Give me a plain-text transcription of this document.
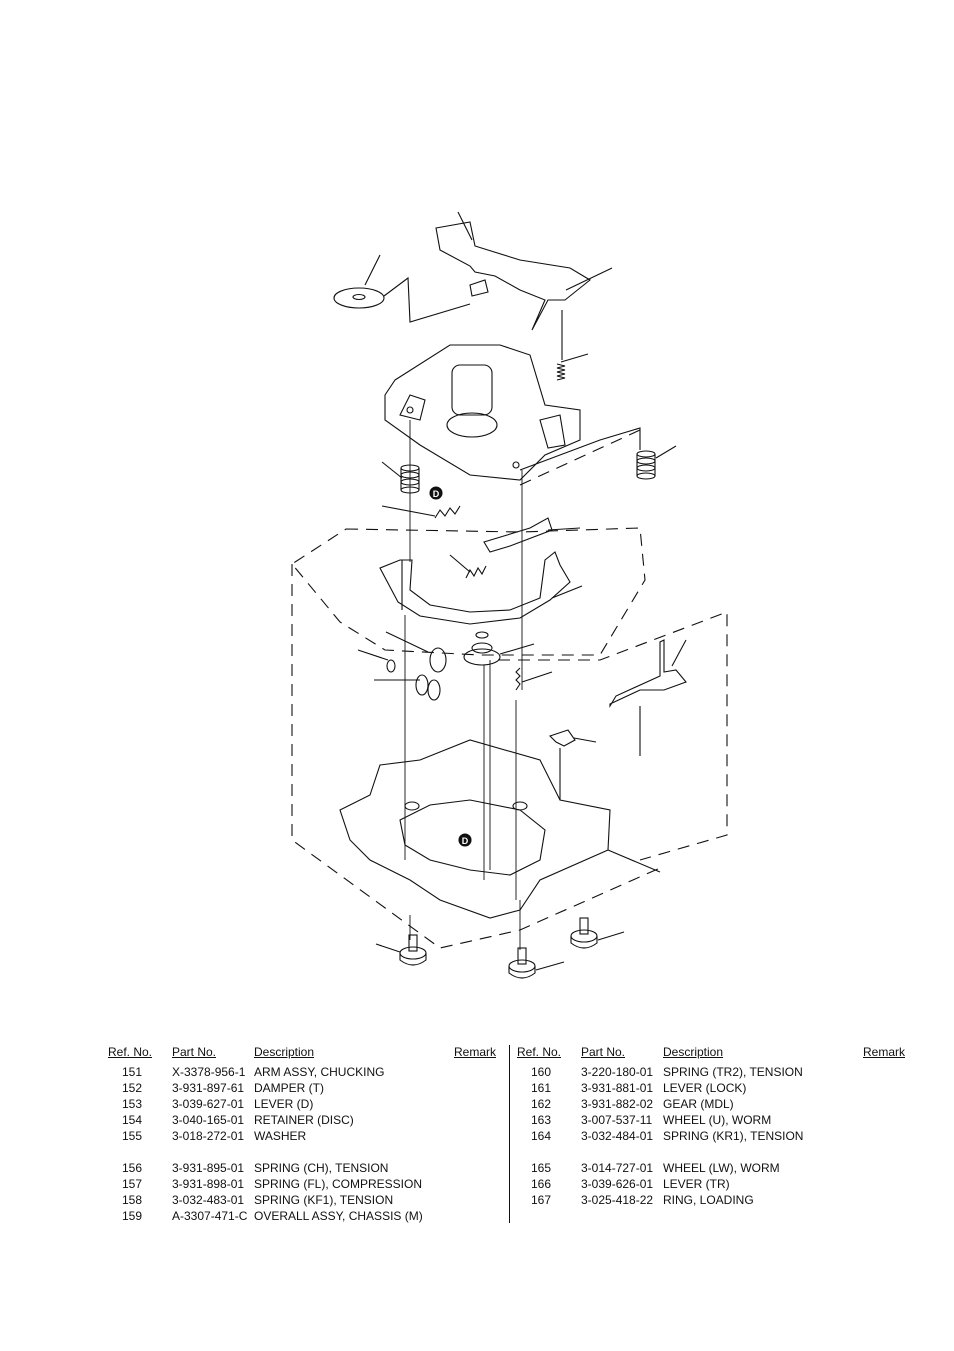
D
D
Ref. No. Part No.	Description	Remark
151 X-3378-956-1 ARM ASSY, CHUCKING
152 3-931-897-61 DAMPER (T)
153 3-039-627-01 LEVER (D)
154 3-040-165-01 RETAINER (DISC)
155 3-018-272-01 WASHER
156 3-931-895-01 SPRING (CH), TENSION
157 3-931-898-01 SPRING (FL), COMPRESSION
158 3-032-483-01 SPRING (KF1), TENSION
159 A-3307-471-C OVERALL ASSY, CHASSIS (M)
Ref. No. Part No.	Description	Remark
160 3-220-180-01 SPRING (TR2), TENSION
161 3-931-881-01 LEVER (LOCK)
162 3-931-882-02 GEAR (MDL)
163 3-007-537-11 WHEEL (U), WORM
164 3-032-484-01 SPRING (KR1), TENSION
165 3-014-727-01 WHEEL (LW), WORM
166 3-039-626-01 LEVER (TR)
167 3-025-418-22 RING, LOADING
